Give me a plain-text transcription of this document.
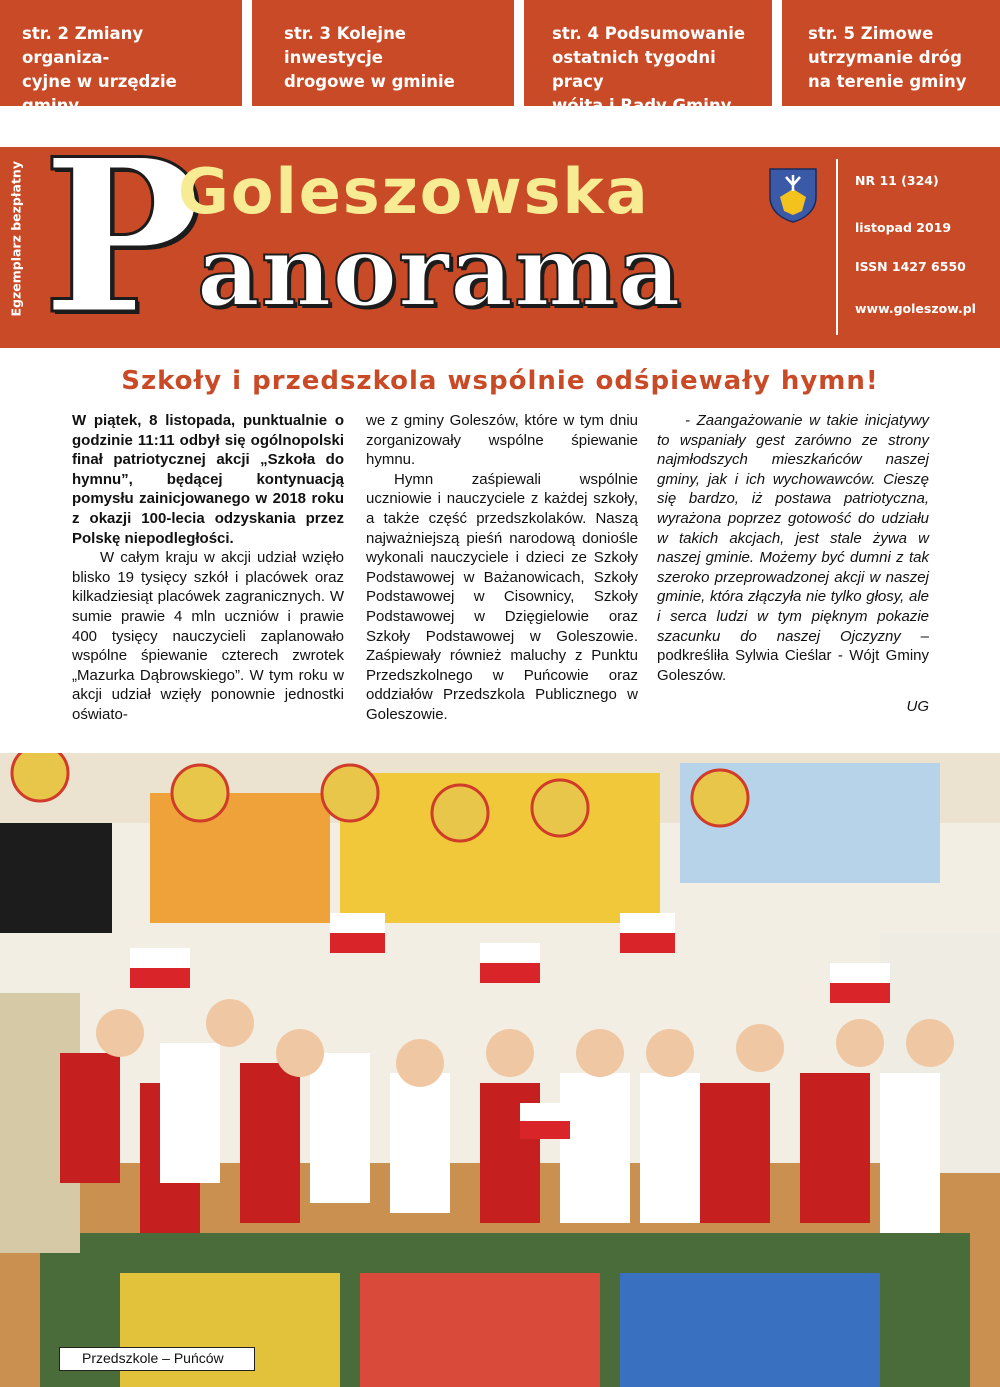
str. 2 Zmiany organiza-
cyjne w urzędzie gminy
str. 3 Kolejne inwestycje
drogowe w gminie
str. 4 Podsumowanie
ostatnich tygodni pracy
wójta i Rady Gminy
str. 5 Zimowe
utrzymanie dróg
na terenie gminy
Egzemplarz bezpłatny P
Goleszowska
anorama
NR 11 (324)
listopad 2019
ISSN 1427 6550
www.goleszow.pl
Szkoły i przedszkola wspólnie odśpiewały hymn!

W piątek, 8 listopada, punktualnie o godzinie 11:11 odbył się ogólnopolski finał patriotycznej akcji „Szkoła do hymnu”, będącej kontynuacją pomysłu zainicjowanego w 2018 roku z okazji 100-lecia odzyskania przez Polskę niepodległości.

W całym kraju w akcji udział wzięło blisko 19 tysięcy szkół i placówek oraz kilkadziesiąt placówek zagranicznych. W sumie prawie 4 mln uczniów i prawie 400 tysięcy nauczycieli zaplanowało wspólne śpiewanie czterech zwrotek „Mazurka Dąbrowskiego”. W tym roku w akcji udział wzięły ponownie jednostki oświato-

we z gminy Goleszów, które w tym dniu zorganizowały wspólne śpiewanie hymnu.

Hymn zaśpiewali wspólnie uczniowie i nauczyciele z każdej szkoły, a także część przedszkolaków. Naszą najważniejszą pieśń narodową doniośle wykonali nauczyciele i dzieci ze Szkoły Podstawowej w Bażanowicach, Szkoły Podstawowej w Cisownicy, Szkoły Podstawowej w Dzięgielowie oraz Szkoły Podstawowej w Goleszowie. Zaśpiewały również maluchy z Punktu Przedszkolnego w Puńcowie oraz oddziałów Przedszkola Publicznego w Goleszowie.

- Zaangażowanie w takie inicjatywy to wspaniały gest zarówno ze strony najmłodszych mieszkańców naszej gminy, jak i ich wychowawców. Cieszę się bardzo, iż postawa patriotyczna, wyrażona poprzez gotowość do udziału w takich akcjach, jest stale żywa w naszej gminie. Możemy być dumni z tak szeroko przeprowadzonej akcji w naszej gminie, która złączyła nie tylko głosy, ale i serca ludzi w tym pięknym pokazie szacunku do naszej Ojczyzny – podkreśliła Sylwia Cieślar - Wójt Gminy Goleszów.

UG

Przedszkole – Puńców
